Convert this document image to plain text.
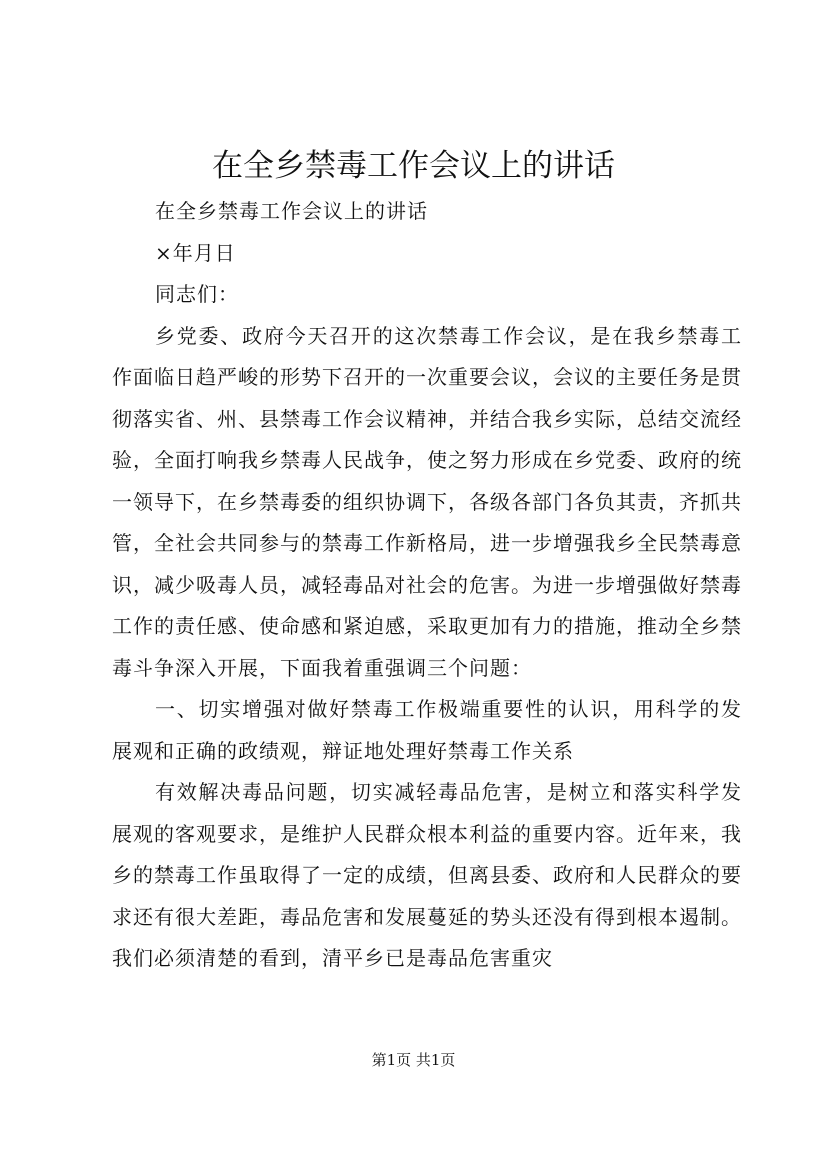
在全乡禁毒工作会议上的讲话

在全乡禁毒工作会议上的讲话

×年月日

同志们：

乡党委、政府今天召开的这次禁毒工作会议，是在我乡禁毒工作面临日趋严峻的形势下召开的一次重要会议，会议的主要任务是贯彻落实省、州、县禁毒工作会议精神，并结合我乡实际，总结交流经验，全面打响我乡禁毒人民战争，使之努力形成在乡党委、政府的统一领导下，在乡禁毒委的组织协调下，各级各部门各负其责，齐抓共管，全社会共同参与的禁毒工作新格局，进一步增强我乡全民禁毒意识，减少吸毒人员，减轻毒品对社会的危害。为进一步增强做好禁毒工作的责任感、使命感和紧迫感，采取更加有力的措施，推动全乡禁毒斗争深入开展，下面我着重强调三个问题：

一、切实增强对做好禁毒工作极端重要性的认识，用科学的发展观和正确的政绩观，辩证地处理好禁毒工作关系

有效解决毒品问题，切实减轻毒品危害，是树立和落实科学发展观的客观要求，是维护人民群众根本利益的重要内容。近年来，我乡的禁毒工作虽取得了一定的成绩，但离县委、政府和人民群众的要求还有很大差距，毒品危害和发展蔓延的势头还没有得到根本遏制。我们必须清楚的看到，清平乡已是毒品危害重灾

第1页 共1页
